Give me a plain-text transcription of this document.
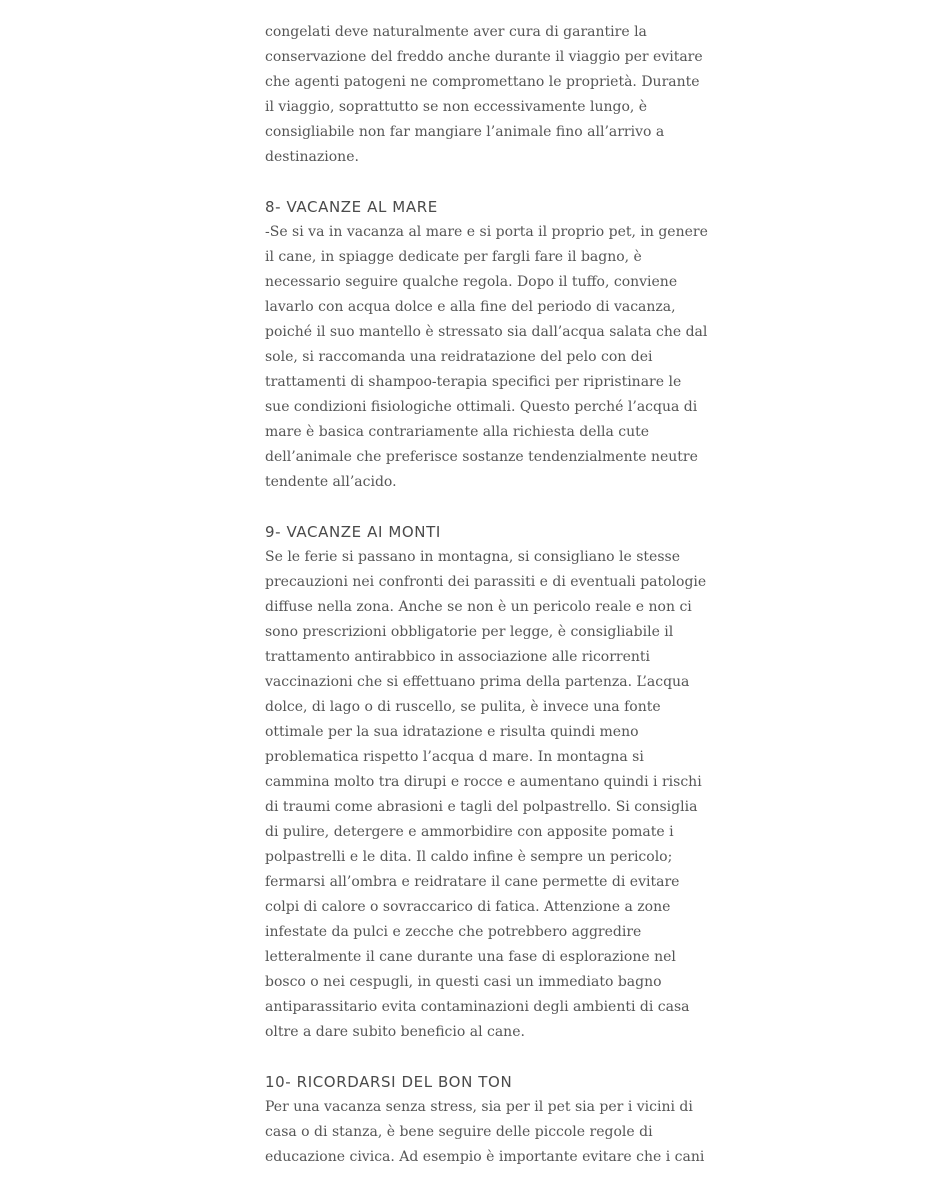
congelati deve naturalmente aver cura di garantire la
conservazione del freddo anche durante il viaggio per evitare
che agenti patogeni ne compromettano le proprietà. Durante
il viaggio, soprattutto se non eccessivamente lungo, è
consigliabile non far mangiare l’animale fino all’arrivo a
destinazione.

8- VACANZE AL MARE

-Se si va in vacanza al mare e si porta il proprio pet, in genere
il cane, in spiagge dedicate per fargli fare il bagno, è
necessario seguire qualche regola. Dopo il tuffo, conviene
lavarlo con acqua dolce e alla fine del periodo di vacanza,
poiché il suo mantello è stressato sia dall’acqua salata che dal
sole, si raccomanda una reidratazione del pelo con dei
trattamenti di shampoo-terapia specifici per ripristinare le
sue condizioni fisiologiche ottimali. Questo perché l’acqua di
mare è basica contrariamente alla richiesta della cute
dell’animale che preferisce sostanze tendenzialmente neutre
tendente all’acido.

9- VACANZE AI MONTI

Se le ferie si passano in montagna, si consigliano le stesse
precauzioni nei confronti dei parassiti e di eventuali patologie
diffuse nella zona. Anche se non è un pericolo reale e non ci
sono prescrizioni obbligatorie per legge, è consigliabile il
trattamento antirabbico in associazione alle ricorrenti
vaccinazioni che si effettuano prima della partenza. L’acqua
dolce, di lago o di ruscello, se pulita, è invece una fonte
ottimale per la sua idratazione e risulta quindi meno
problematica rispetto l’acqua d mare. In montagna si
cammina molto tra dirupi e rocce e aumentano quindi i rischi
di traumi come abrasioni e tagli del polpastrello. Si consiglia
di pulire, detergere e ammorbidire con apposite pomate i
polpastrelli e le dita. Il caldo infine è sempre un pericolo;
fermarsi all’ombra e reidratare il cane permette di evitare
colpi di calore o sovraccarico di fatica. Attenzione a zone
infestate da pulci e zecche che potrebbero aggredire
letteralmente il cane durante una fase di esplorazione nel
bosco o nei cespugli, in questi casi un immediato bagno
antiparassitario evita contaminazioni degli ambienti di casa
oltre a dare subito beneficio al cane.

10- RICORDARSI DEL BON TON

Per una vacanza senza stress, sia per il pet sia per i vicini di
casa o di stanza, è bene seguire delle piccole regole di
educazione civica. Ad esempio è importante evitare che i cani
